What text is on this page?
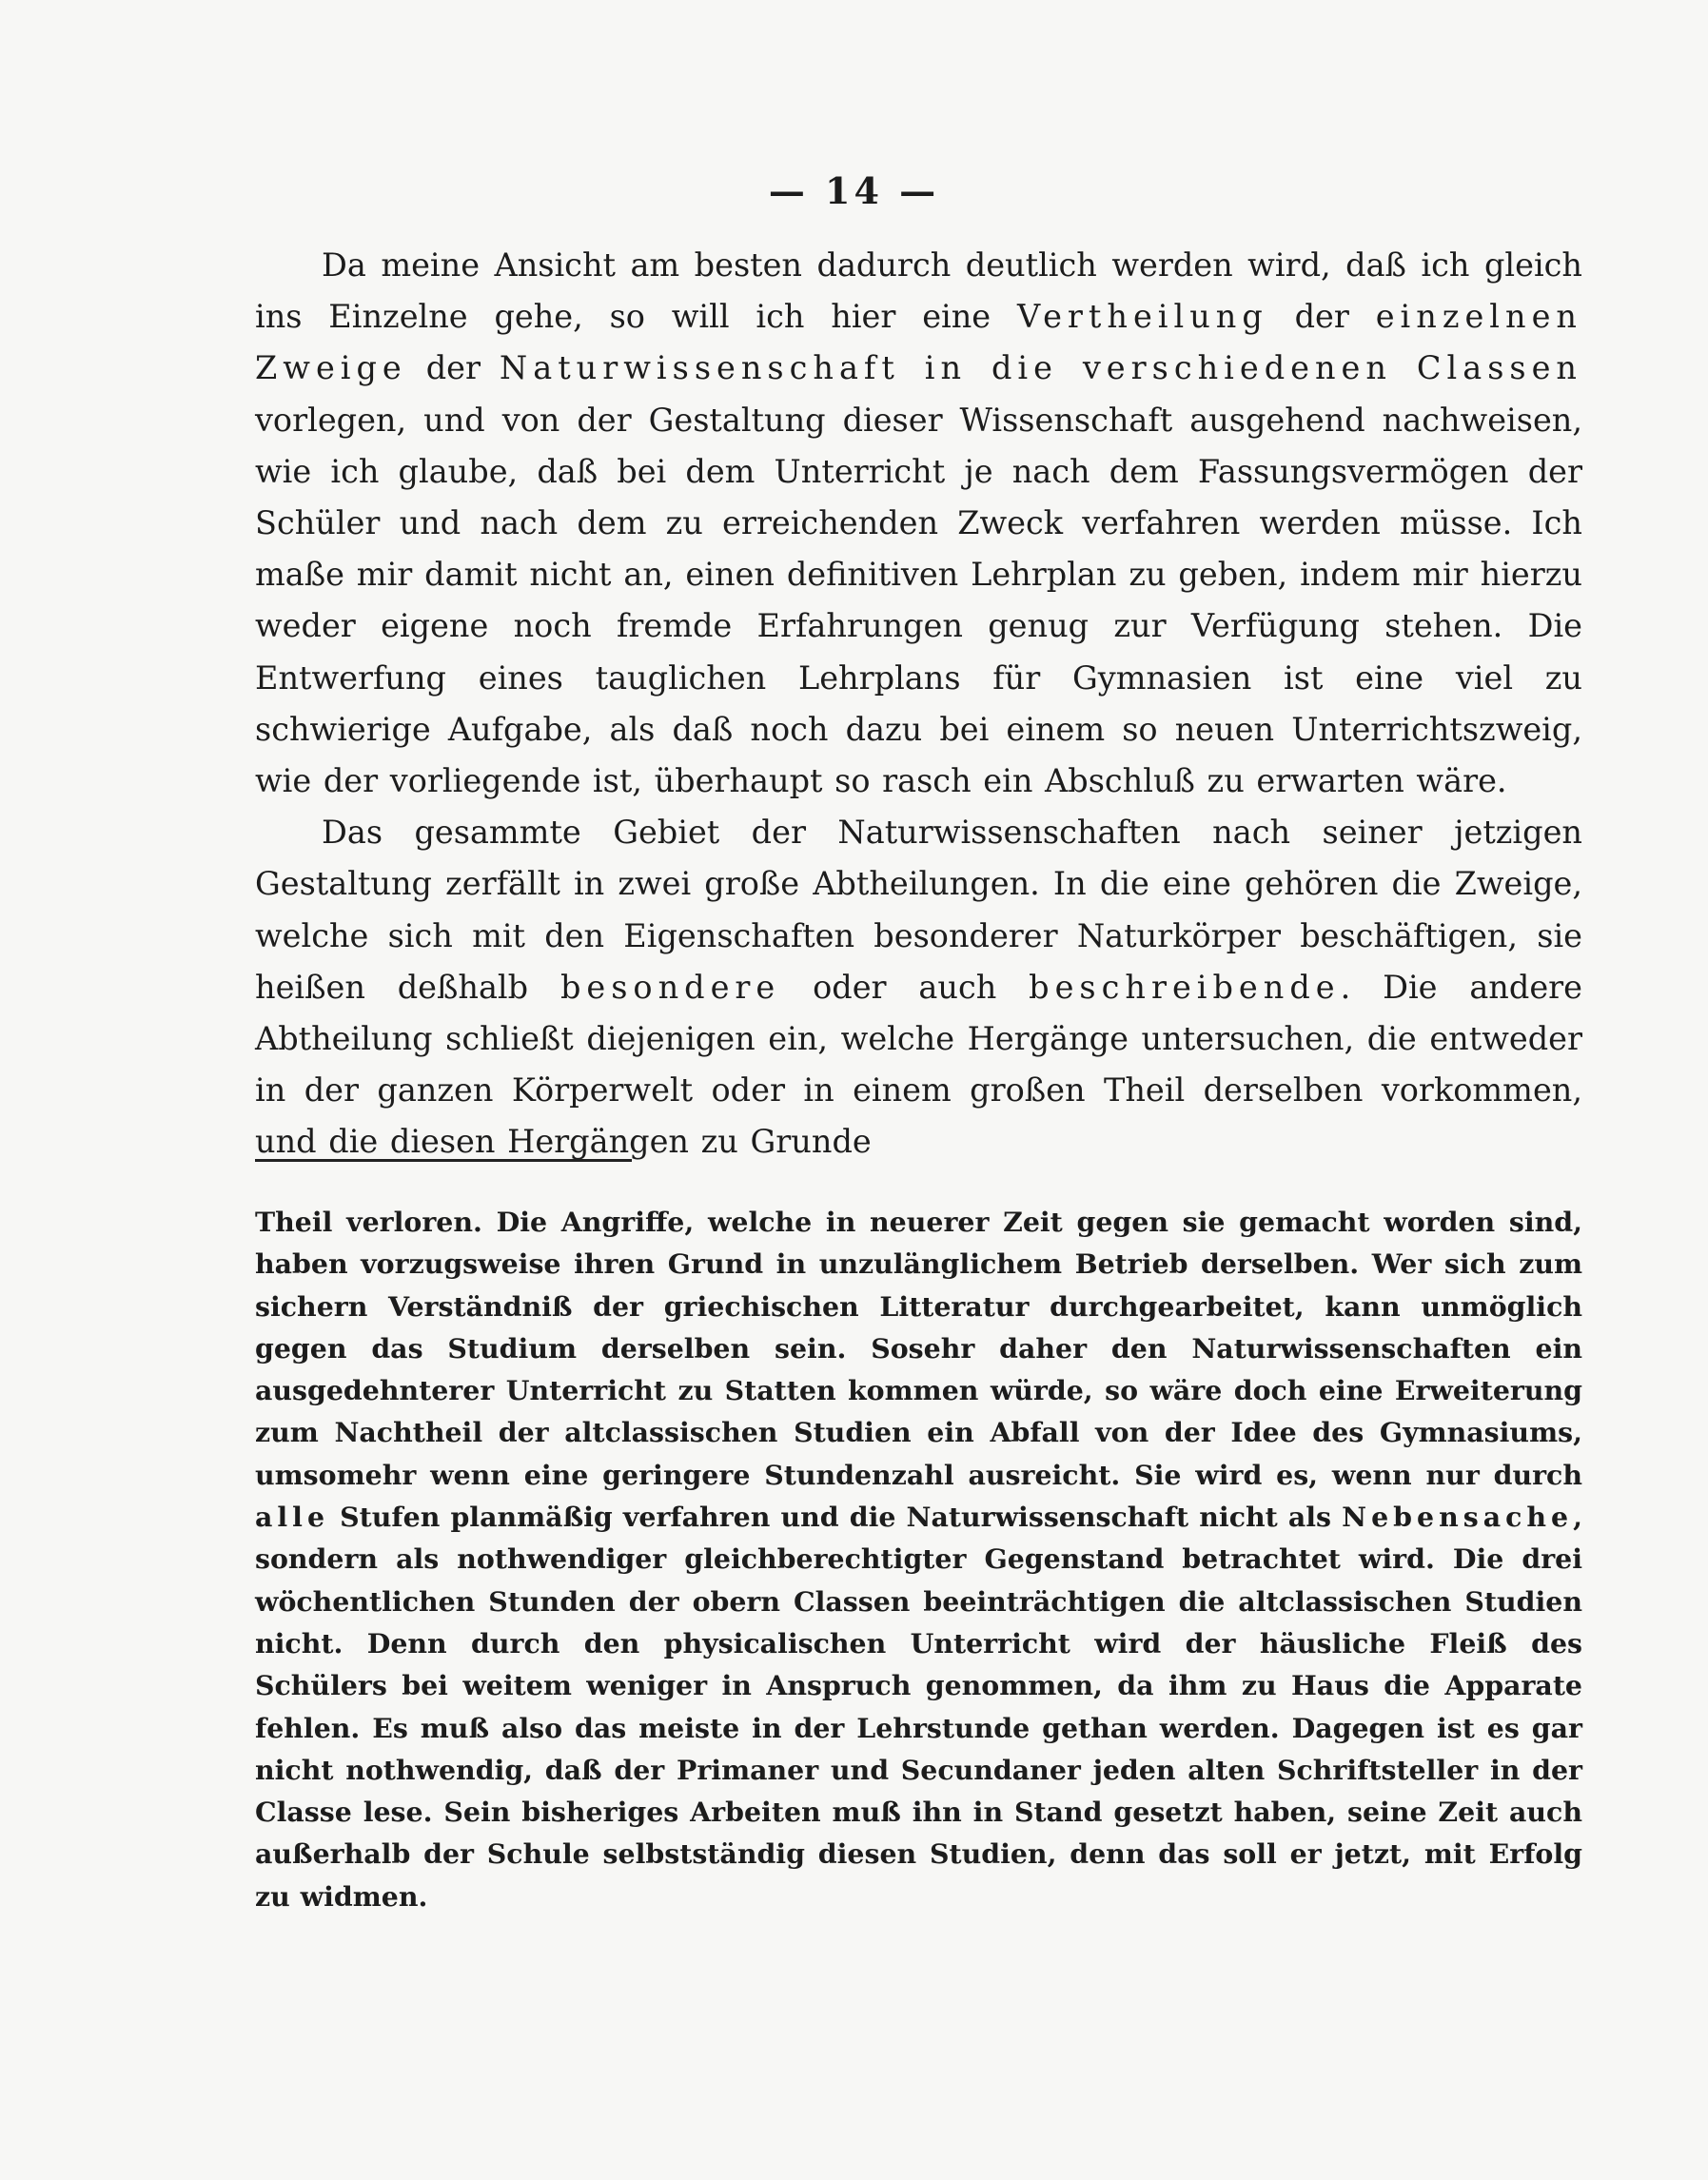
— 14 —

Da meine Ansicht am besten dadurch deutlich werden wird, daß ich gleich ins Einzelne gehe, so will ich hier eine Vertheilung der einzelnen Zweige der Naturwissenschaft in die verschiedenen Classen vorlegen, und von der Gestaltung dieser Wissenschaft ausgehend nachweisen, wie ich glaube, daß bei dem Unterricht je nach dem Fassungsvermögen der Schüler und nach dem zu erreichenden Zweck verfahren werden müsse. Ich maße mir damit nicht an, einen definitiven Lehrplan zu geben, indem mir hierzu weder eigene noch fremde Erfahrungen genug zur Verfügung stehen. Die Entwerfung eines tauglichen Lehrplans für Gymnasien ist eine viel zu schwierige Aufgabe, als daß noch dazu bei einem so neuen Unterrichtszweig, wie der vorliegende ist, überhaupt so rasch ein Abschluß zu erwarten wäre.

Das gesammte Gebiet der Naturwissenschaften nach seiner jetzigen Gestaltung zerfällt in zwei große Abtheilungen. In die eine gehören die Zweige, welche sich mit den Eigenschaften besonderer Naturkörper beschäftigen, sie heißen deßhalb besondere oder auch beschreibende. Die andere Abtheilung schließt diejenigen ein, welche Hergänge untersuchen, die entweder in der ganzen Körperwelt oder in einem großen Theil derselben vorkommen, und die diesen Hergängen zu Grunde

Theil verloren. Die Angriffe, welche in neuerer Zeit gegen sie gemacht worden sind, haben vorzugsweise ihren Grund in unzulänglichem Betrieb derselben. Wer sich zum sichern Verständniß der griechischen Litteratur durchgearbeitet, kann unmöglich gegen das Studium derselben sein. Sosehr daher den Naturwissenschaften ein ausgedehnterer Unterricht zu Statten kommen würde, so wäre doch eine Erweiterung zum Nachtheil der altclassischen Studien ein Abfall von der Idee des Gymnasiums, umsomehr wenn eine geringere Stundenzahl ausreicht. Sie wird es, wenn nur durch alle Stufen planmäßig verfahren und die Naturwissenschaft nicht als Nebensache, sondern als nothwendiger gleichberechtigter Gegenstand betrachtet wird. Die drei wöchentlichen Stunden der obern Classen beeinträchtigen die altclassischen Studien nicht. Denn durch den physicalischen Unterricht wird der häusliche Fleiß des Schülers bei weitem weniger in Anspruch genommen, da ihm zu Haus die Apparate fehlen. Es muß also das meiste in der Lehrstunde gethan werden. Dagegen ist es gar nicht nothwendig, daß der Primaner und Secundaner jeden alten Schriftsteller in der Classe lese. Sein bisheriges Arbeiten muß ihn in Stand gesetzt haben, seine Zeit auch außerhalb der Schule selbstständig diesen Studien, denn das soll er jetzt, mit Erfolg zu widmen.
